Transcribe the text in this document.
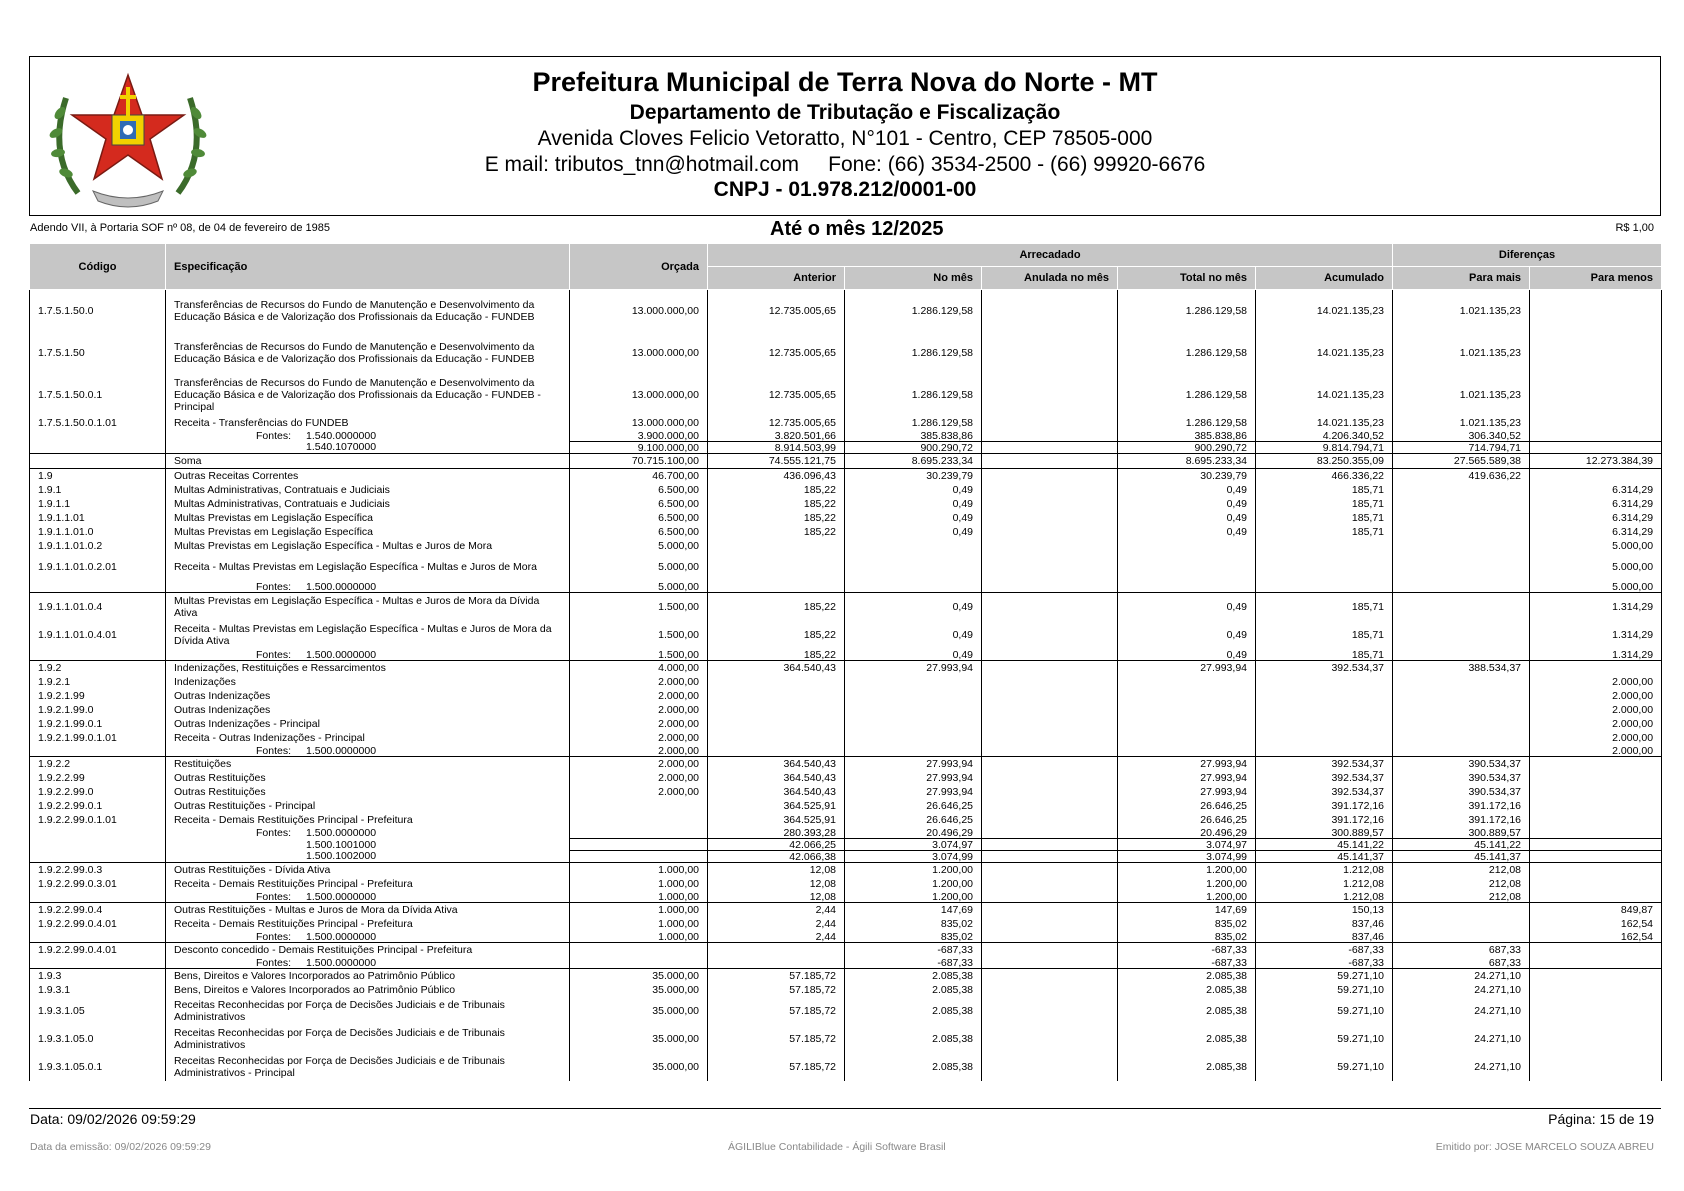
Prefeitura Municipal de Terra Nova do Norte - MT
Departamento de Tributação e Fiscalização
Avenida Cloves Felicio Vetoratto, N°101 - Centro, CEP 78505-000
E mail: tributos_tnn@hotmail.com     Fone: (66) 3534-2500 - (66) 99920-6676
CNPJ - 01.978.212/0001-00
Adendo VII, à Portaria SOF nº 08, de 04 de fevereiro de 1985	Até o mês 12/2025	R$ 1,00
Código	Especificação	Orçada	Arrecadado					Diferenças	
			Anterior	No mês	Anulada no mês	Total no mês	Acumulado	Para mais	Para menos
1.7.5.1.50.0	Transferências de Recursos do Fundo de Manutenção e Desenvolvimento da Educação Básica e de Valorização dos Profissionais da Educação - FUNDEB	13.000.000,00	12.735.005,65	1.286.129,58		1.286.129,58	14.021.135,23	1.021.135,23	
1.7.5.1.50	Transferências de Recursos do Fundo de Manutenção e Desenvolvimento da Educação Básica e de Valorização dos Profissionais da Educação - FUNDEB	13.000.000,00	12.735.005,65	1.286.129,58		1.286.129,58	14.021.135,23	1.021.135,23	
1.7.5.1.50.0.1	Transferências de Recursos do Fundo de Manutenção e Desenvolvimento da Educação Básica e de Valorização dos Profissionais da Educação - FUNDEB - Principal	13.000.000,00	12.735.005,65	1.286.129,58		1.286.129,58	14.021.135,23	1.021.135,23	
1.7.5.1.50.0.1.01	Receita - Transferências do FUNDEB	13.000.000,00	12.735.005,65	1.286.129,58		1.286.129,58	14.021.135,23	1.021.135,23	
	Fontes: 1.540.0000000	3.900.000,00	3.820.501,66	385.838,86		385.838,86	4.206.340,52	306.340,52	
	1.540.1070000	9.100.000,00	8.914.503,99	900.290,72		900.290,72	9.814.794,71	714.794,71	
	Soma	70.715.100,00	74.555.121,75	8.695.233,34		8.695.233,34	83.250.355,09	27.565.589,38	12.273.384,39
1.9	Outras Receitas Correntes	46.700,00	436.096,43	30.239,79		30.239,79	466.336,22	419.636,22	
1.9.1	Multas Administrativas, Contratuais e Judiciais	6.500,00	185,22	0,49		0,49	185,71		6.314,29
1.9.1.1	Multas Administrativas, Contratuais e Judiciais	6.500,00	185,22	0,49		0,49	185,71		6.314,29
1.9.1.1.01	Multas Previstas em Legislação Específica	6.500,00	185,22	0,49		0,49	185,71		6.314,29
1.9.1.1.01.0	Multas Previstas em Legislação Específica	6.500,00	185,22	0,49		0,49	185,71		6.314,29
1.9.1.1.01.0.2	Multas Previstas em Legislação Específica - Multas e Juros de Mora	5.000,00							5.000,00
1.9.1.1.01.0.2.01	Receita - Multas Previstas em Legislação Específica - Multas e Juros de Mora	5.000,00							5.000,00
	Fontes: 1.500.0000000	5.000,00							5.000,00
1.9.1.1.01.0.4	Multas Previstas em Legislação Específica - Multas e Juros de Mora da Dívida Ativa	1.500,00	185,22	0,49		0,49	185,71		1.314,29
1.9.1.1.01.0.4.01	Receita - Multas Previstas em Legislação Específica - Multas e Juros de Mora da Dívida Ativa	1.500,00	185,22	0,49		0,49	185,71		1.314,29
	Fontes: 1.500.0000000	1.500,00	185,22	0,49		0,49	185,71		1.314,29
1.9.2	Indenizações, Restituições e Ressarcimentos	4.000,00	364.540,43	27.993,94		27.993,94	392.534,37	388.534,37	
1.9.2.1	Indenizações	2.000,00							2.000,00
1.9.2.1.99	Outras Indenizações	2.000,00							2.000,00
1.9.2.1.99.0	Outras Indenizações	2.000,00							2.000,00
1.9.2.1.99.0.1	Outras Indenizações - Principal	2.000,00							2.000,00
1.9.2.1.99.0.1.01	Receita - Outras Indenizações - Principal	2.000,00							2.000,00
	Fontes: 1.500.0000000	2.000,00							2.000,00
1.9.2.2	Restituições	2.000,00	364.540,43	27.993,94		27.993,94	392.534,37	390.534,37	
1.9.2.2.99	Outras Restituições	2.000,00	364.540,43	27.993,94		27.993,94	392.534,37	390.534,37	
1.9.2.2.99.0	Outras Restituições	2.000,00	364.540,43	27.993,94		27.993,94	392.534,37	390.534,37	
1.9.2.2.99.0.1	Outras Restituições - Principal		364.525,91	26.646,25		26.646,25	391.172,16	391.172,16	
1.9.2.2.99.0.1.01	Receita - Demais Restituições Principal - Prefeitura		364.525,91	26.646,25		26.646,25	391.172,16	391.172,16	
	Fontes: 1.500.0000000		280.393,28	20.496,29		20.496,29	300.889,57	300.889,57	
	1.500.1001000		42.066,25	3.074,97		3.074,97	45.141,22	45.141,22	
	1.500.1002000		42.066,38	3.074,99		3.074,99	45.141,37	45.141,37	
1.9.2.2.99.0.3	Outras Restituições - Dívida Ativa	1.000,00	12,08	1.200,00		1.200,00	1.212,08	212,08	
1.9.2.2.99.0.3.01	Receita - Demais Restituições Principal - Prefeitura	1.000,00	12,08	1.200,00		1.200,00	1.212,08	212,08	
	Fontes: 1.500.0000000	1.000,00	12,08	1.200,00		1.200,00	1.212,08	212,08	
1.9.2.2.99.0.4	Outras Restituições - Multas e Juros de Mora da Dívida Ativa	1.000,00	2,44	147,69		147,69	150,13		849,87
1.9.2.2.99.0.4.01	Receita - Demais Restituições Principal - Prefeitura	1.000,00	2,44	835,02		835,02	837,46		162,54
	Fontes: 1.500.0000000	1.000,00	2,44	835,02		835,02	837,46		162,54
1.9.2.2.99.0.4.01	Desconto concedido - Demais Restituições Principal - Prefeitura			-687,33		-687,33	-687,33	687,33	
	Fontes: 1.500.0000000			-687,33		-687,33	-687,33	687,33	
1.9.3	Bens, Direitos e Valores Incorporados ao Patrimônio Público	35.000,00	57.185,72	2.085,38		2.085,38	59.271,10	24.271,10	
1.9.3.1	Bens, Direitos e Valores Incorporados ao Patrimônio Público	35.000,00	57.185,72	2.085,38		2.085,38	59.271,10	24.271,10	
1.9.3.1.05	Receitas Reconhecidas por Força de Decisões Judiciais e de Tribunais Administrativos	35.000,00	57.185,72	2.085,38		2.085,38	59.271,10	24.271,10	
1.9.3.1.05.0	Receitas Reconhecidas por Força de Decisões Judiciais e de Tribunais Administrativos	35.000,00	57.185,72	2.085,38		2.085,38	59.271,10	24.271,10	
1.9.3.1.05.0.1	Receitas Reconhecidas por Força de Decisões Judiciais e de Tribunais Administrativos - Principal	35.000,00	57.185,72	2.085,38		2.085,38	59.271,10	24.271,10	
Data: 09/02/2026 09:59:29	Página: 15 de 19
Data da emissão: 09/02/2026 09:59:29	ÁGILIBlue Contabilidade - Ágili Software Brasil	Emitido por: JOSE MARCELO SOUZA ABREU
